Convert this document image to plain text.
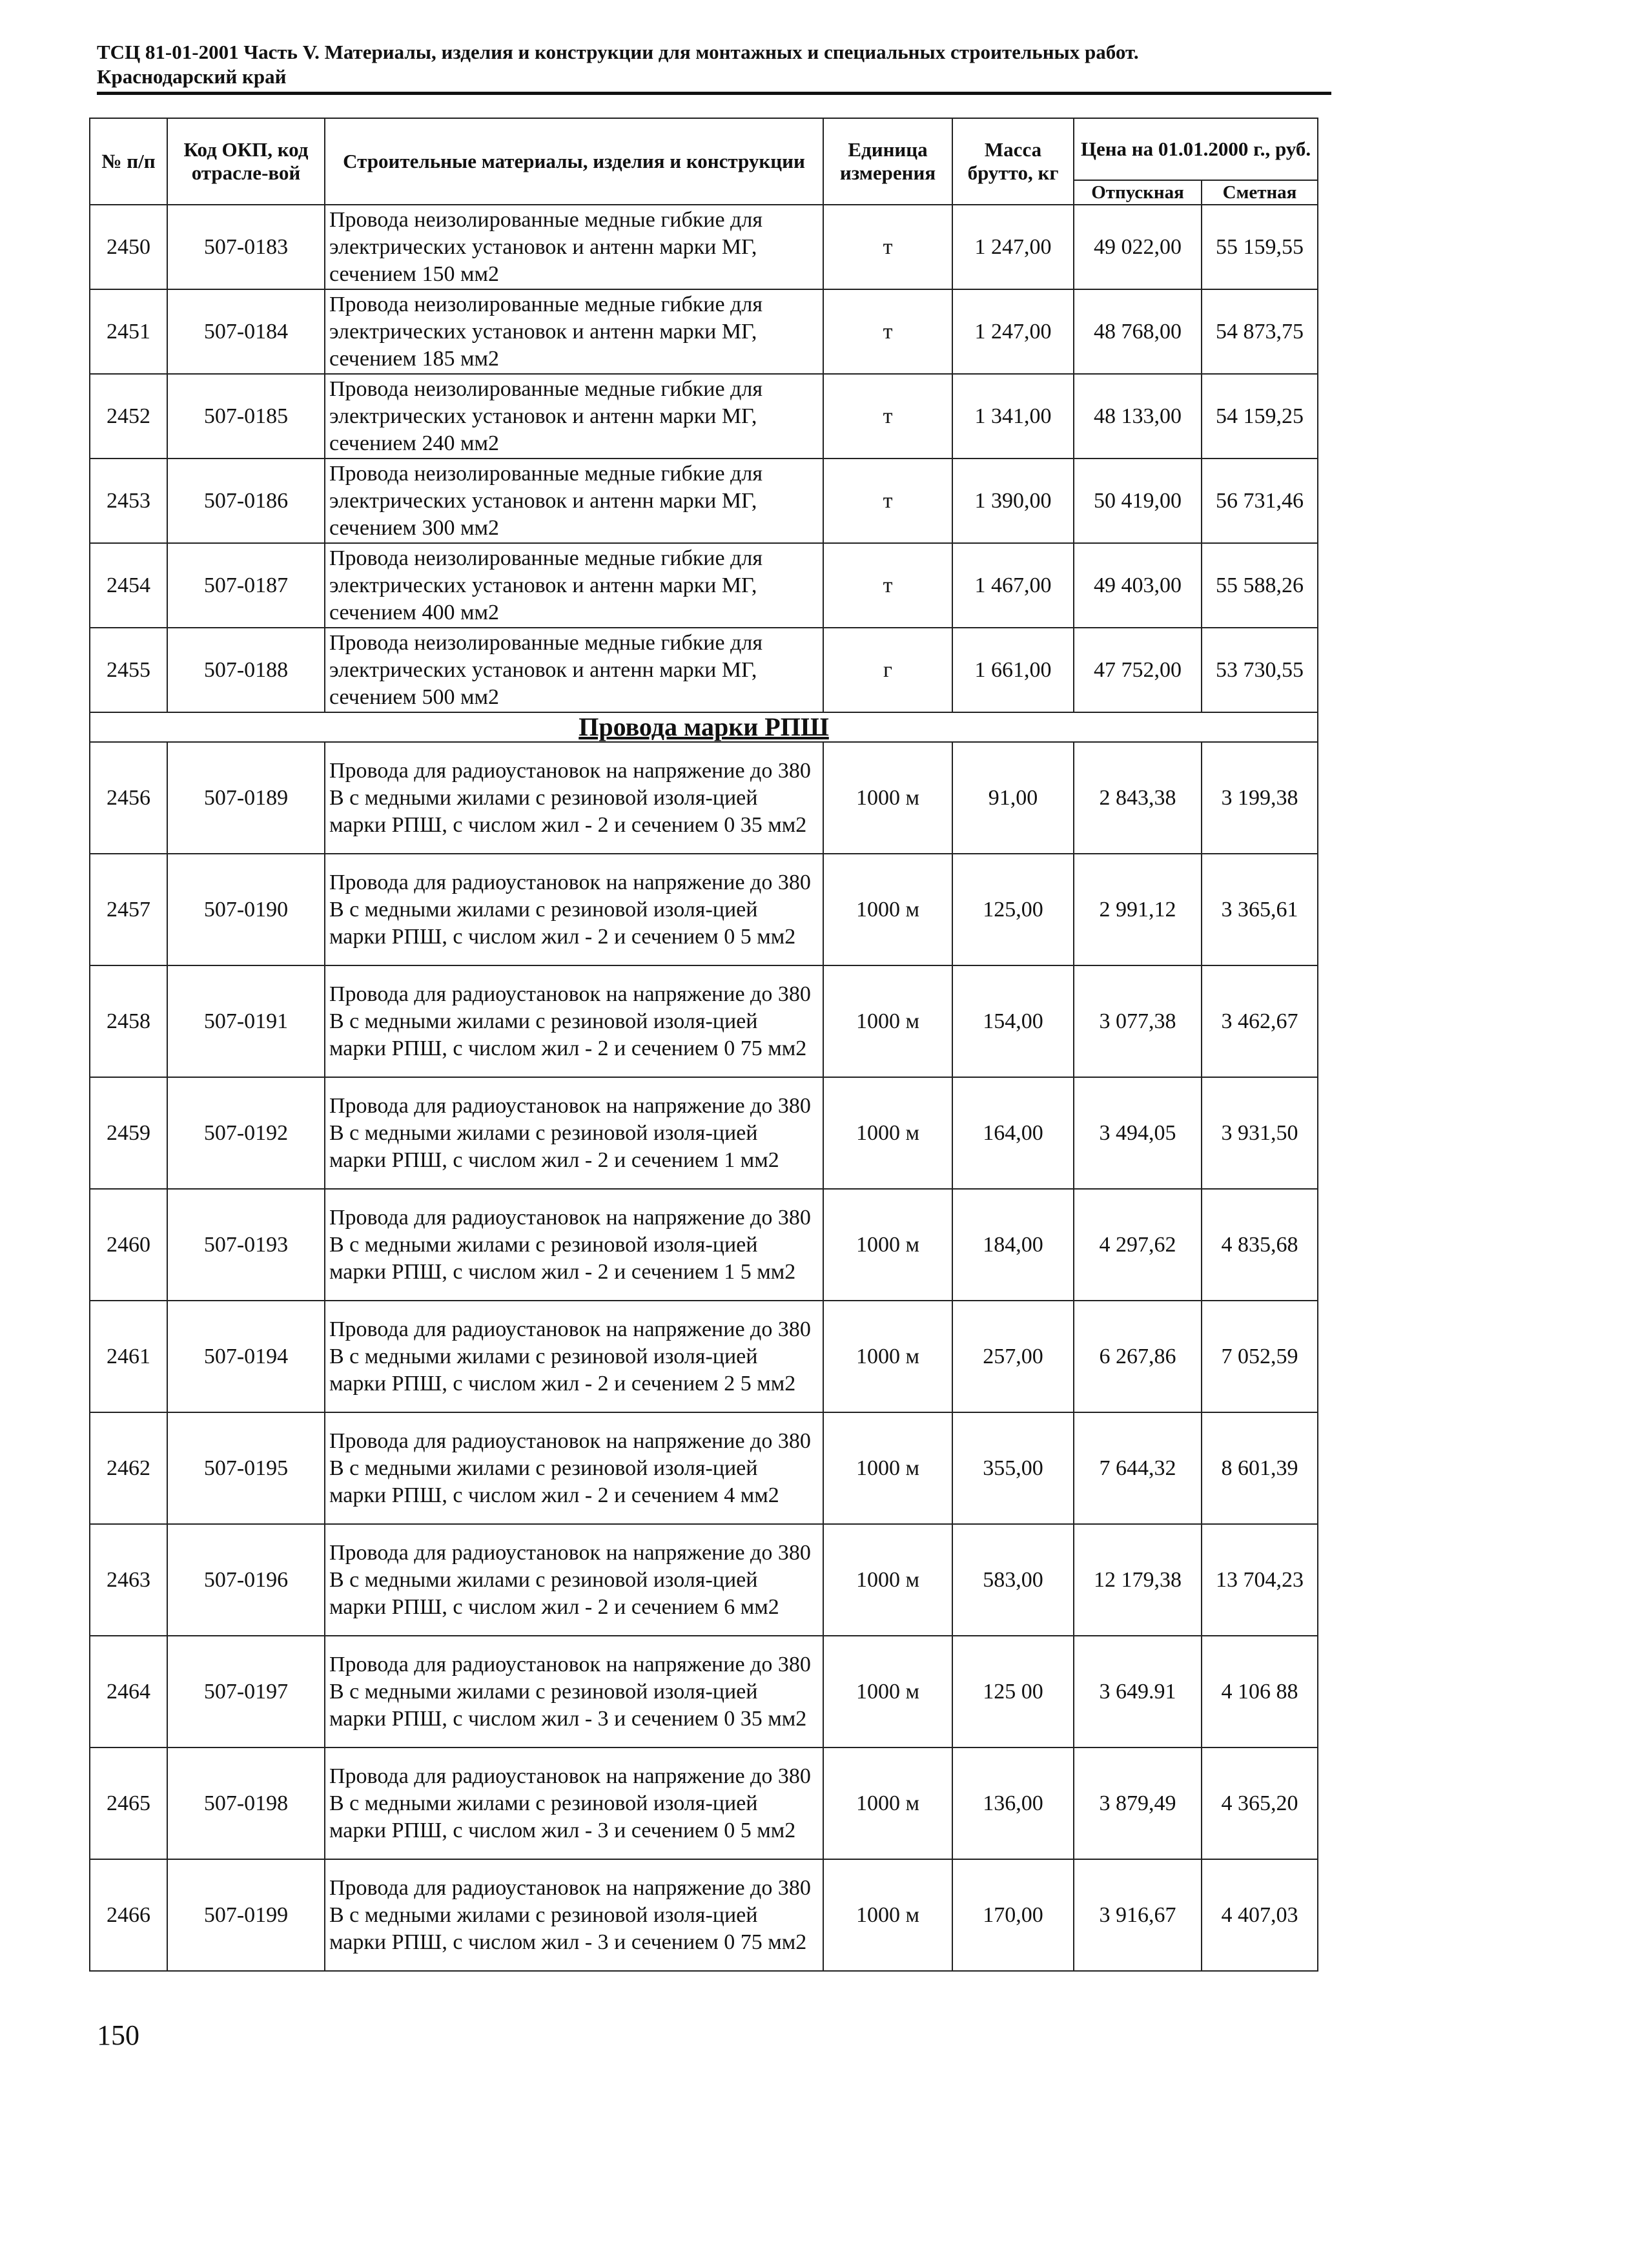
ТСЦ 81-01-2001 Часть V. Материалы, изделия и конструкции для монтажных и специальных строительных работ.
Краснодарский край
№ п/п	Код ОКП, код отрасле-вой	Строительные материалы, изделия и конструкции	Единица измерения	Масса брутто, кг	Цена на 01.01.2000 г., руб.	
					Отпускная	Сметная
2450	507-0183	Провода неизолированные медные гибкие для электрических установок и антенн марки МГ, сечением 150 мм2	т	1 247,00	49 022,00	55 159,55
2451	507-0184	Провода неизолированные медные гибкие для электрических установок и антенн марки МГ, сечением 185 мм2	т	1 247,00	48 768,00	54 873,75
2452	507-0185	Провода неизолированные медные гибкие для электрических установок и антенн марки МГ, сечением 240 мм2	т	1 341,00	48 133,00	54 159,25
2453	507-0186	Провода неизолированные медные гибкие для электрических установок и антенн марки МГ, сечением 300 мм2	т	1 390,00	50 419,00	56 731,46
2454	507-0187	Провода неизолированные медные гибкие для электрических установок и антенн марки МГ, сечением 400 мм2	т	1 467,00	49 403,00	55 588,26
2455	507-0188	Провода неизолированные медные гибкие для электрических установок и антенн марки МГ, сечением 500 мм2	г	1 661,00	47 752,00	53 730,55
Провода марки РПШ						
2456	507-0189	Провода для радиоустановок на напряжение до 380 В с медными жилами с резиновой изоля-цией марки РПШ, с числом жил - 2 и сечением 0 35 мм2	1000 м	91,00	2 843,38	3 199,38
2457	507-0190	Провода для радиоустановок на напряжение до 380 В с медными жилами с резиновой изоля-цией марки РПШ, с числом жил - 2 и сечением 0 5 мм2	1000 м	125,00	2 991,12	3 365,61
2458	507-0191	Провода для радиоустановок на напряжение до 380 В с медными жилами с резиновой изоля-цией марки РПШ, с числом жил - 2 и сечением 0 75 мм2	1000 м	154,00	3 077,38	3 462,67
2459	507-0192	Провода для радиоустановок на напряжение до 380 В с медными жилами с резиновой изоля-цией марки РПШ, с числом жил - 2 и сечением 1 мм2	1000 м	164,00	3 494,05	3 931,50
2460	507-0193	Провода для радиоустановок на напряжение до 380 В с медными жилами с резиновой изоля-цией марки РПШ, с числом жил - 2 и сечением 1 5 мм2	1000 м	184,00	4 297,62	4 835,68
2461	507-0194	Провода для радиоустановок на напряжение до 380 В с медными жилами с резиновой изоля-цией марки РПШ, с числом жил - 2 и сечением 2 5 мм2	1000 м	257,00	6 267,86	7 052,59
2462	507-0195	Провода для радиоустановок на напряжение до 380 В с медными жилами с резиновой изоля-цией марки РПШ, с числом жил - 2 и сечением 4 мм2	1000 м	355,00	7 644,32	8 601,39
2463	507-0196	Провода для радиоустановок на напряжение до 380 В с медными жилами с резиновой изоля-цией марки РПШ, с числом жил - 2 и сечением 6 мм2	1000 м	583,00	12 179,38	13 704,23
2464	507-0197	Провода для радиоустановок на напряжение до 380 В с медными жилами с резиновой изоля-цией марки РПШ, с числом жил - 3 и сечением 0 35 мм2	1000 м	125 00	3 649.91	4 106 88
2465	507-0198	Провода для радиоустановок на напряжение до 380 В с медными жилами с резиновой изоля-цией марки РПШ, с числом жил - 3 и сечением 0 5 мм2	1000 м	136,00	3 879,49	4 365,20
2466	507-0199	Провода для радиоустановок на напряжение до 380 В с медными жилами с резиновой изоля-цией марки РПШ, с числом жил - 3 и сечением 0 75 мм2	1000 м	170,00	3 916,67	4 407,03
150
